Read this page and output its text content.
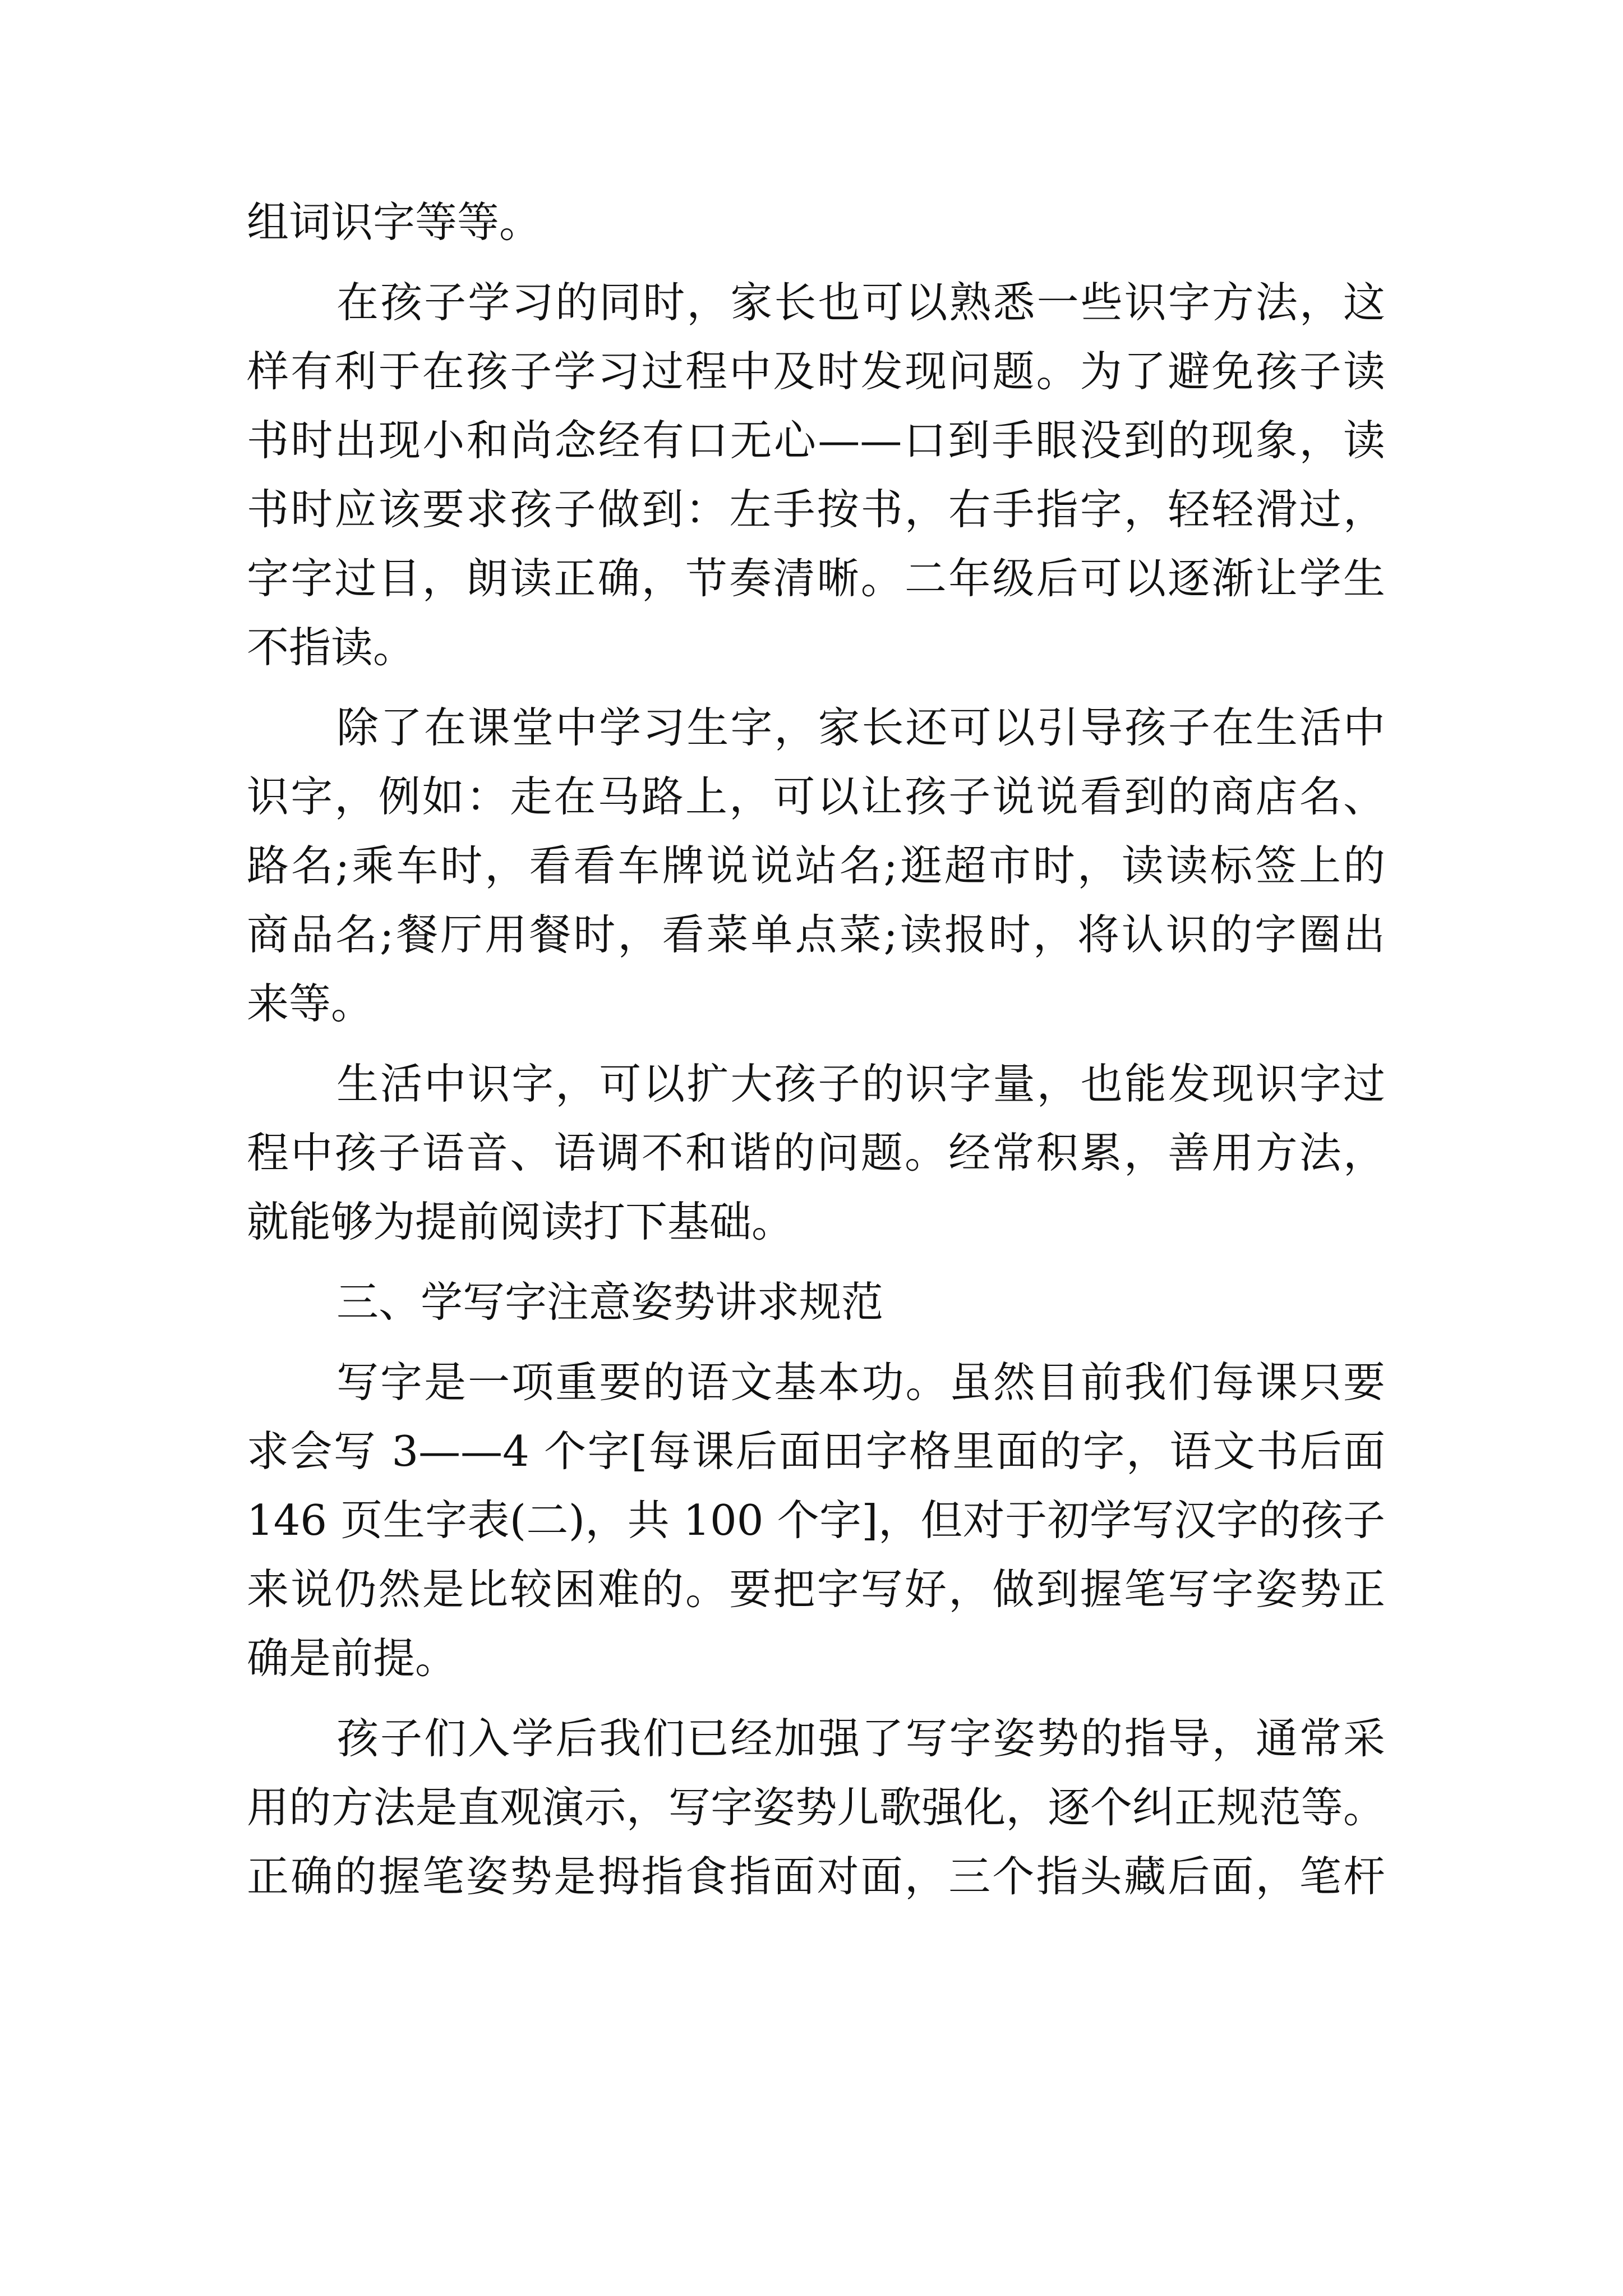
组词识字等等。
在孩子学习的同时，家长也可以熟悉一些识字方法，这
样有利于在孩子学习过程中及时发现问题。为了避免孩子读
书时出现小和尚念经有口无心——口到手眼没到的现象，读
书时应该要求孩子做到：左手按书，右手指字，轻轻滑过，
字字过目，朗读正确，节奏清晰。二年级后可以逐渐让学生
不指读。
除了在课堂中学习生字，家长还可以引导孩子在生活中
识字，例如：走在马路上，可以让孩子说说看到的商店名、
路名;乘车时，看看车牌说说站名;逛超市时，读读标签上的
商品名;餐厅用餐时，看菜单点菜;读报时，将认识的字圈出
来等。
生活中识字，可以扩大孩子的识字量，也能发现识字过
程中孩子语音、语调不和谐的问题。经常积累，善用方法，
就能够为提前阅读打下基础。
三、学写字注意姿势讲求规范
写字是一项重要的语文基本功。虽然目前我们每课只要
求会写 3——4 个字[每课后面田字格里面的字，语文书后面
146 页生字表(二)，共 100 个字]，但对于初学写汉字的孩子
来说仍然是比较困难的。要把字写好，做到握笔写字姿势正
确是前提。
孩子们入学后我们已经加强了写字姿势的指导，通常采
用的方法是直观演示，写字姿势儿歌强化，逐个纠正规范等。
正确的握笔姿势是拇指食指面对面，三个指头藏后面，笔杆
